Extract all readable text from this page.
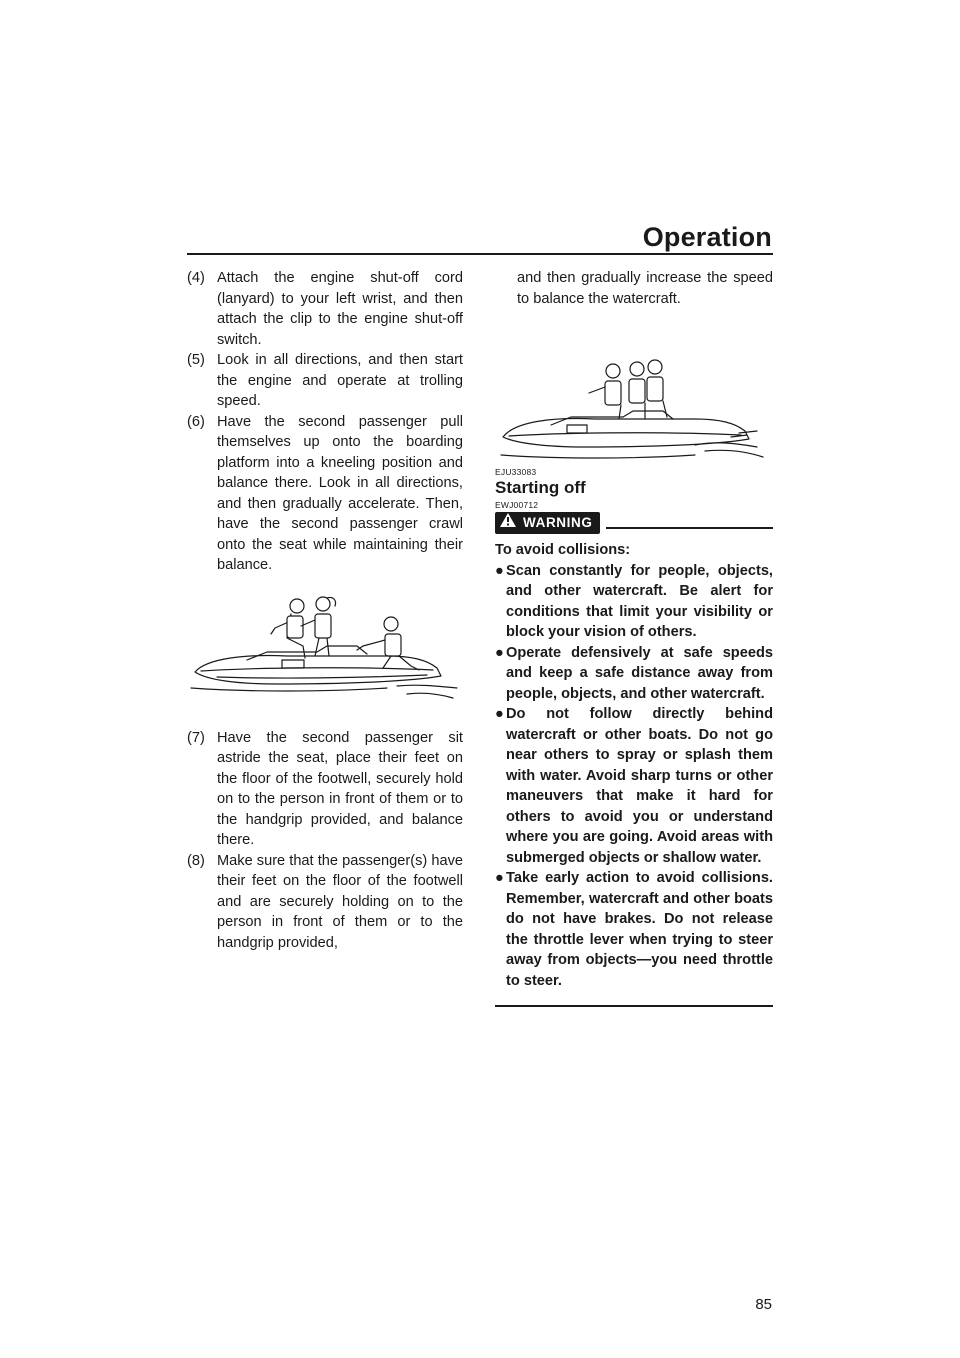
Operation
(4) Attach the engine shut-off cord (lanyard) to your left wrist, and then attach the clip to the engine shut-off switch.
(5) Look in all directions, and then start the engine and operate at trolling speed.
(6) Have the second passenger pull themselves up onto the boarding platform into a kneeling position and balance there. Look in all directions, and then gradually accelerate. Then, have the second passenger crawl onto the seat while maintaining their balance.
(7) Have the second passenger sit astride the seat, place their feet on the floor of the footwell, securely hold on to the person in front of them or to the handgrip provided, and balance there.
(8) Make sure that the passenger(s) have their feet on the floor of the footwell and are securely holding on to the person in front of them or to the handgrip provided,
and then gradually increase the speed to balance the watercraft.
EJU33083
Starting off
EWJ00712
WARNING
To avoid collisions:
● Scan constantly for people, objects, and other watercraft. Be alert for conditions that limit your visibility or block your vision of others.
● Operate defensively at safe speeds and keep a safe distance away from people, objects, and other watercraft.
● Do not follow directly behind watercraft or other boats. Do not go near others to spray or splash them with water. Avoid sharp turns or other maneuvers that make it hard for others to avoid you or understand where you are going. Avoid areas with submerged objects or shallow water.
● Take early action to avoid collisions. Remember, watercraft and other boats do not have brakes. Do not release the throttle lever when trying to steer away from objects—you need throttle to steer.
85
